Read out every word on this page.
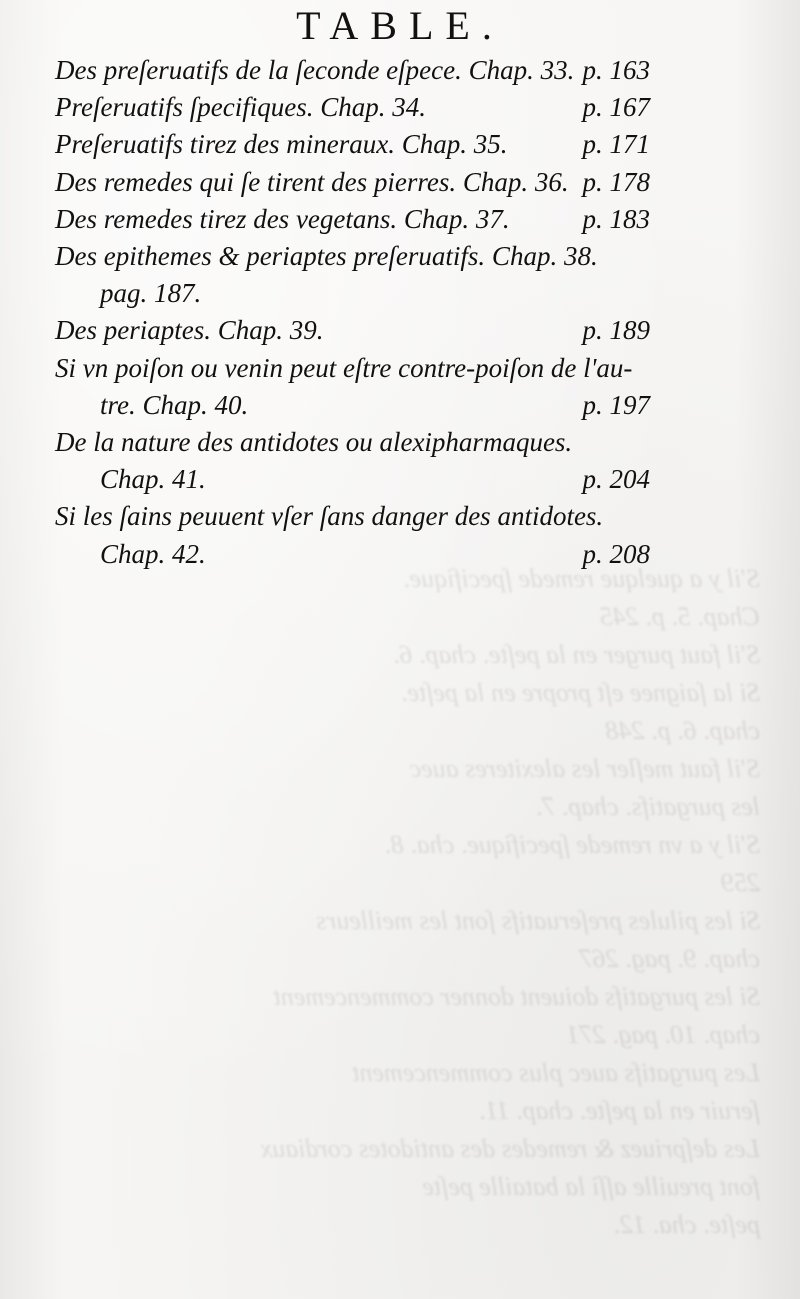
S'il y a quelque remede ſpecifique.
Chap. 5. p. 245
S'il faut purger en la peſte. chap. 6.
Si la ſaignee eſt propre en la peſte.
chap. 6. p. 248
S'il faut meſler les alexiteres auec
les purgatifs. chap. 7.
S'il y a vn remede ſpecifique. cha. 8.
259
Si les pilules preſeruatifs ſont les meilleurs
chap. 9. pag. 267
Si les purgatifs doiuent donner commencement
chap. 10. pag. 271
Les purgatifs auec plus commencement
ſeruir en la peſte. chap. 11.
Les deſpriuez & remedes des antidotes cordiaux
font preuille aſſi la bataille peſte
peſte. cha. 12.
TABLE.
Des preſeruatifs de la ſeconde eſpece. Chap. 33. p. 163
Preſeruatifs ſpecifiques. Chap. 34.	p. 167
Preſeruatifs tirez des mineraux. Chap. 35.	p. 171
Des remedes qui ſe tirent des pierres. Chap. 36. p. 178
Des remedes tirez des vegetans. Chap. 37.	p. 183
Des epithemes & periaptes preſeruatifs. Chap. 38.
pag. 187.
Des periaptes. Chap. 39.	p. 189
Si vn poiſon ou venin peut eſtre contre-poiſon de l'au-
tre. Chap. 40.	p. 197
De la nature des antidotes ou alexipharmaques.
Chap. 41.	p. 204
Si les ſains peuuent vſer ſans danger des antidotes.
Chap. 42.	p. 208
